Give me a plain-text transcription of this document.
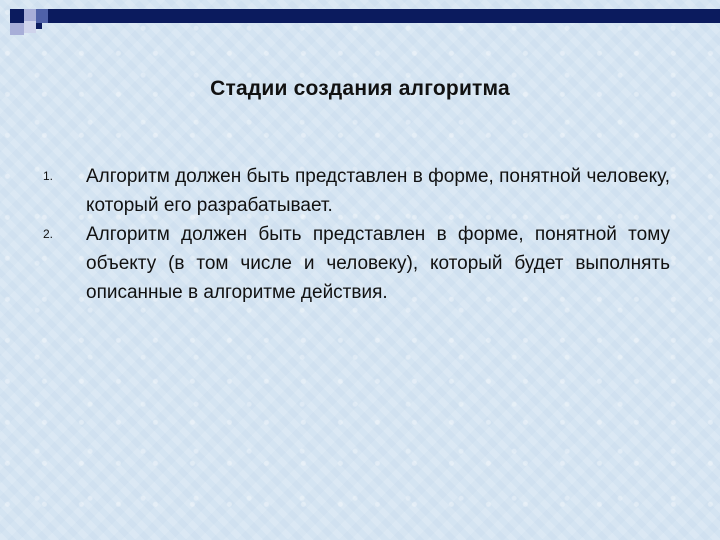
Стадии создания алгоритма
1.	Алгоритм должен быть представлен в форме, понятной человеку, который его разрабатывает.
2.	Алгоритм должен быть представлен в форме, понятной тому объекту (в том числе и человеку), который будет выполнять описанные в алгоритме действия.
